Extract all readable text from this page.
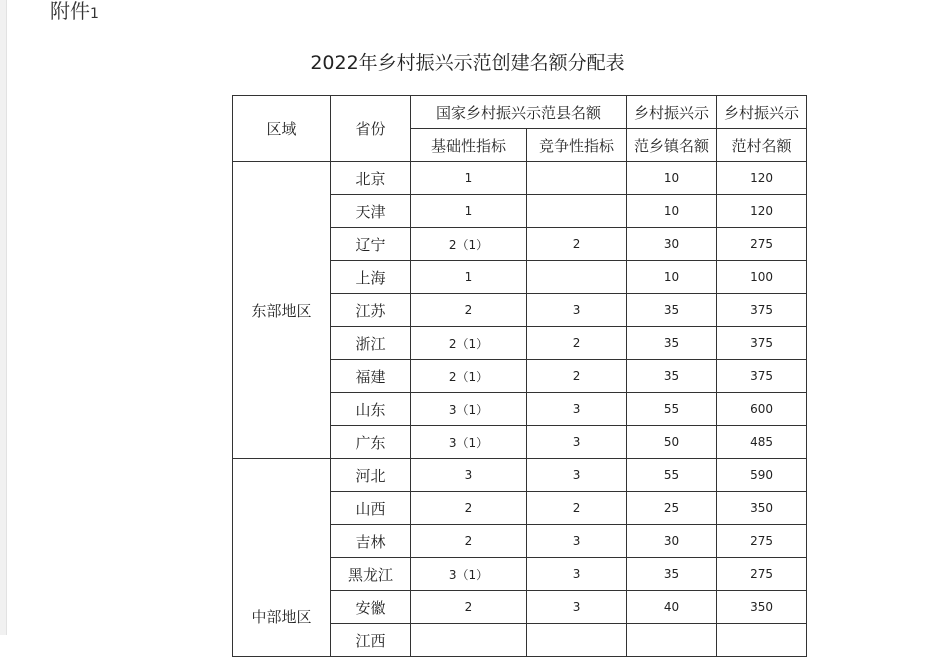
附件1
2022年乡村振兴示范创建名额分配表
区域	省份	国家乡村振兴示范县名额		乡村振兴示	乡村振兴示
		基础性指标	竞争性指标	范乡镇名额	范村名额
东部地区	北京	1		10	120
	天津	1		10	120
	辽宁	2（1）	2	30	275
	上海	1		10	100
	江苏	2	3	35	375
	浙江	2（1）	2	35	375
	福建	2（1）	2	35	375
	山东	3（1）	3	55	600
	广东	3（1）	3	50	485
中部地区	河北	3	3	55	590
	山西	2	2	25	350
	吉林	2	3	30	275
	黑龙江	3（1）	3	35	275
	安徽	2	3	40	350
	江西				
